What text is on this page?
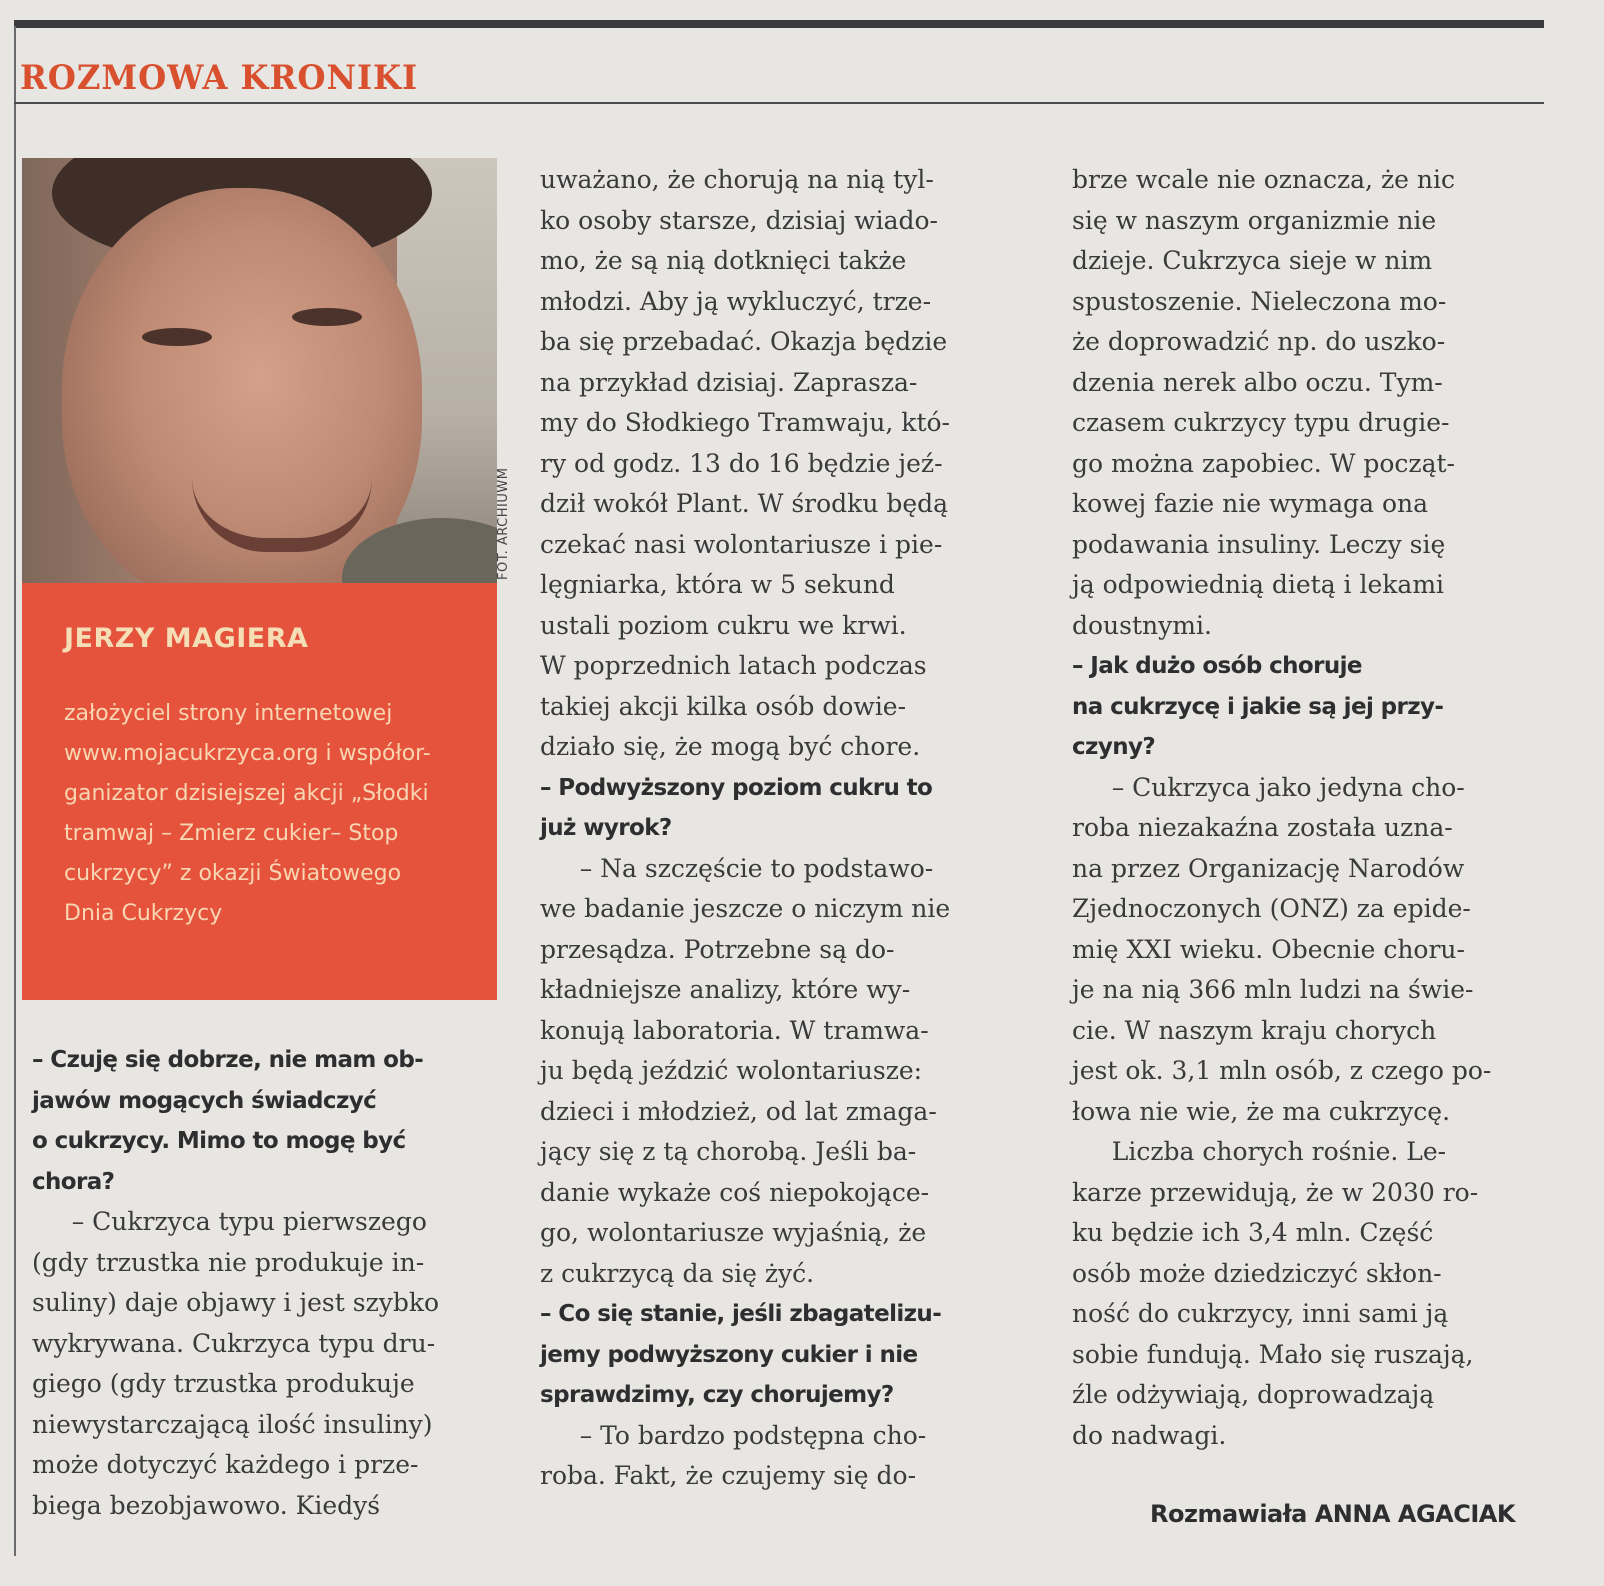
ROZMOWA KRONIKI
FOT. ARCHIUWM
JERZY MAGIERA
założyciel strony internetowej
www.mojacukrzyca.org i współor-
ganizator dzisiejszej akcji „Słodki
tramwaj – Zmierz cukier– Stop
cukrzycy” z okazji Światowego
Dnia Cukrzycy
– Czuję się dobrze, nie mam ob-
jawów mogących świadczyć
o cukrzycy. Mimo to mogę być
chora?
– Cukrzyca typu pierwszego
(gdy trzustka nie produkuje in-
suliny) daje objawy i jest szybko
wykrywana. Cukrzyca typu dru-
giego (gdy trzustka produkuje
niewystarczającą ilość insuliny)
może dotyczyć każdego i prze-
biega bezobjawowo. Kiedyś
uważano, że chorują na nią tyl-
ko osoby starsze, dzisiaj wiado-
mo, że są nią dotknięci także
młodzi. Aby ją wykluczyć, trze-
ba się przebadać. Okazja będzie
na przykład dzisiaj. Zaprasza-
my do Słodkiego Tramwaju, któ-
ry od godz. 13 do 16 będzie jeź-
dził wokół Plant. W środku będą
czekać nasi wolontariusze i pie-
lęgniarka, która w 5 sekund
ustali poziom cukru we krwi.
W poprzednich latach podczas
takiej akcji kilka osób dowie-
działo się, że mogą być chore.
– Podwyższony poziom cukru to
już wyrok?
– Na szczęście to podstawo-
we badanie jeszcze o niczym nie
przesądza. Potrzebne są do-
kładniejsze analizy, które wy-
konują laboratoria. W tramwa-
ju będą jeździć wolontariusze:
dzieci i młodzież, od lat zmaga-
jący się z tą chorobą. Jeśli ba-
danie wykaże coś niepokojące-
go, wolontariusze wyjaśnią, że
z cukrzycą da się żyć.
– Co się stanie, jeśli zbagatelizu-
jemy podwyższony cukier i nie
sprawdzimy, czy chorujemy?
– To bardzo podstępna cho-
roba. Fakt, że czujemy się do-
brze wcale nie oznacza, że nic
się w naszym organizmie nie
dzieje. Cukrzyca sieje w nim
spustoszenie. Nieleczona mo-
że doprowadzić np. do uszko-
dzenia nerek albo oczu. Tym-
czasem cukrzycy typu drugie-
go można zapobiec. W począt-
kowej fazie nie wymaga ona
podawania insuliny. Leczy się
ją odpowiednią dietą i lekami
doustnymi.
– Jak dużo osób choruje
na cukrzycę i jakie są jej przy-
czyny?
– Cukrzyca jako jedyna cho-
roba niezakaźna została uzna-
na przez Organizację Narodów
Zjednoczonych (ONZ) za epide-
mię XXI wieku. Obecnie choru-
je na nią 366 mln ludzi na świe-
cie. W naszym kraju chorych
jest ok. 3,1 mln osób, z czego po-
łowa nie wie, że ma cukrzycę.
Liczba chorych rośnie. Le-
karze przewidują, że w 2030 ro-
ku będzie ich 3,4 mln. Część
osób może dziedziczyć skłon-
ność do cukrzycy, inni sami ją
sobie fundują. Mało się ruszają,
źle odżywiają, doprowadzają
do nadwagi.
Rozmawiała ANNA AGACIAK
